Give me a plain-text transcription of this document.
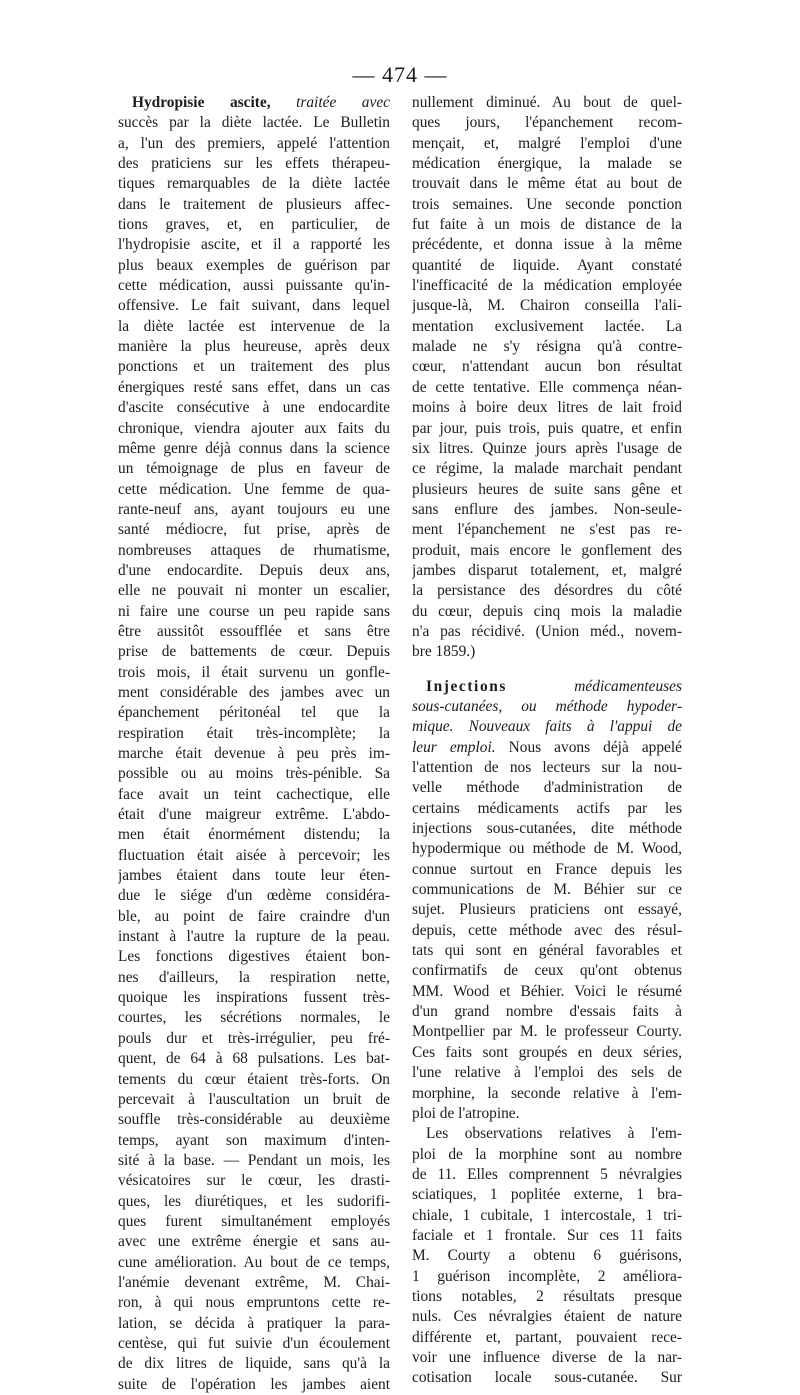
— 474 —
Hydropisie ascite, traitée avec
succès par la diète lactée. Le Bulletin
a, l'un des premiers, appelé l'attention
des praticiens sur les effets thérapeu-
tiques remarquables de la diète lactée
dans le traitement de plusieurs affec-
tions graves, et, en particulier, de
l'hydropisie ascite, et il a rapporté les
plus beaux exemples de guérison par
cette médication, aussi puissante qu'in-
offensive. Le fait suivant, dans lequel
la diète lactée est intervenue de la
manière la plus heureuse, après deux
ponctions et un traitement des plus
énergiques resté sans effet, dans un cas
d'ascite consécutive à une endocardite
chronique, viendra ajouter aux faits du
même genre déjà connus dans la science
un témoignage de plus en faveur de
cette médication. Une femme de qua-
rante-neuf ans, ayant toujours eu une
santé médiocre, fut prise, après de
nombreuses attaques de rhumatisme,
d'une endocardite. Depuis deux ans,
elle ne pouvait ni monter un escalier,
ni faire une course un peu rapide sans
être aussitôt essoufflée et sans être
prise de battements de cœur. Depuis
trois mois, il était survenu un gonfle-
ment considérable des jambes avec un
épanchement péritonéal tel que la
respiration était très-incomplète; la
marche était devenue à peu près im-
possible ou au moins très-pénible. Sa
face avait un teint cachectique, elle
était d'une maigreur extrême. L'abdo-
men était énormément distendu; la
fluctuation était aisée à percevoir; les
jambes étaient dans toute leur éten-
due le siége d'un œdème considéra-
ble, au point de faire craindre d'un
instant à l'autre la rupture de la peau.
Les fonctions digestives étaient bon-
nes d'ailleurs, la respiration nette,
quoique les inspirations fussent très-
courtes, les sécrétions normales, le
pouls dur et très-irrégulier, peu fré-
quent, de 64 à 68 pulsations. Les bat-
tements du cœur étaient très-forts. On
percevait à l'auscultation un bruit de
souffle très-considérable au deuxième
temps, ayant son maximum d'inten-
sité à la base. — Pendant un mois, les
vésicatoires sur le cœur, les drasti-
ques, les diurétiques, et les sudorifi-
ques furent simultanément employés
avec une extrême énergie et sans au-
cune amélioration. Au bout de ce temps,
l'anémie devenant extrême, M. Chai-
ron, à qui nous empruntons cette re-
lation, se décida à pratiquer la para-
centèse, qui fut suivie d'un écoulement
de dix litres de liquide, sans qu'à la
suite de l'opération les jambes aient
nullement diminué. Au bout de quel-
ques jours, l'épanchement recom-
mençait, et, malgré l'emploi d'une
médication énergique, la malade se
trouvait dans le même état au bout de
trois semaines. Une seconde ponction
fut faite à un mois de distance de la
précédente, et donna issue à la même
quantité de liquide. Ayant constaté
l'inefficacité de la médication employée
jusque-là, M. Chairon conseilla l'ali-
mentation exclusivement lactée. La
malade ne s'y résigna qu'à contre-
cœur, n'attendant aucun bon résultat
de cette tentative. Elle commença néan-
moins à boire deux litres de lait froid
par jour, puis trois, puis quatre, et enfin
six litres. Quinze jours après l'usage de
ce régime, la malade marchait pendant
plusieurs heures de suite sans gêne et
sans enflure des jambes. Non-seule-
ment l'épanchement ne s'est pas re-
produit, mais encore le gonflement des
jambes disparut totalement, et, malgré
la persistance des désordres du côté
du cœur, depuis cinq mois la maladie
n'a pas récidivé. (Union méd., novem-
bre 1859.)
Injections	médicamenteuses
sous-cutanées, ou méthode hypoder-
mique. Nouveaux faits à l'appui de
leur emploi. Nous avons déjà appelé
l'attention de nos lecteurs sur la nou-
velle méthode d'administration de
certains médicaments actifs par les
injections sous-cutanées, dite méthode
hypodermique ou méthode de M. Wood,
connue surtout en France depuis les
communications de M. Béhier sur ce
sujet. Plusieurs praticiens ont essayé,
depuis, cette méthode avec des résul-
tats qui sont en général favorables et
confirmatifs de ceux qu'ont obtenus
MM. Wood et Béhier. Voici le résumé
d'un grand nombre d'essais faits à
Montpellier par M. le professeur Courty.
Ces faits sont groupés en deux séries,
l'une relative à l'emploi des sels de
morphine, la seconde relative à l'em-
ploi de l'atropine.
Les observations relatives à l'em-
ploi de la morphine sont au nombre
de 11. Elles comprennent 5 névralgies
sciatiques, 1 poplitée externe, 1 bra-
chiale, 1 cubitale, 1 intercostale, 1 tri-
faciale et 1 frontale. Sur ces 11 faits
M. Courty a obtenu 6 guérisons,
1 guérison incomplète, 2 améliora-
tions notables, 2 résultats presque
nuls. Ces névralgies étaient de nature
différente et, partant, pouvaient rece-
voir une influence diverse de la nar-
cotisation locale sous-cutanée. Sur
